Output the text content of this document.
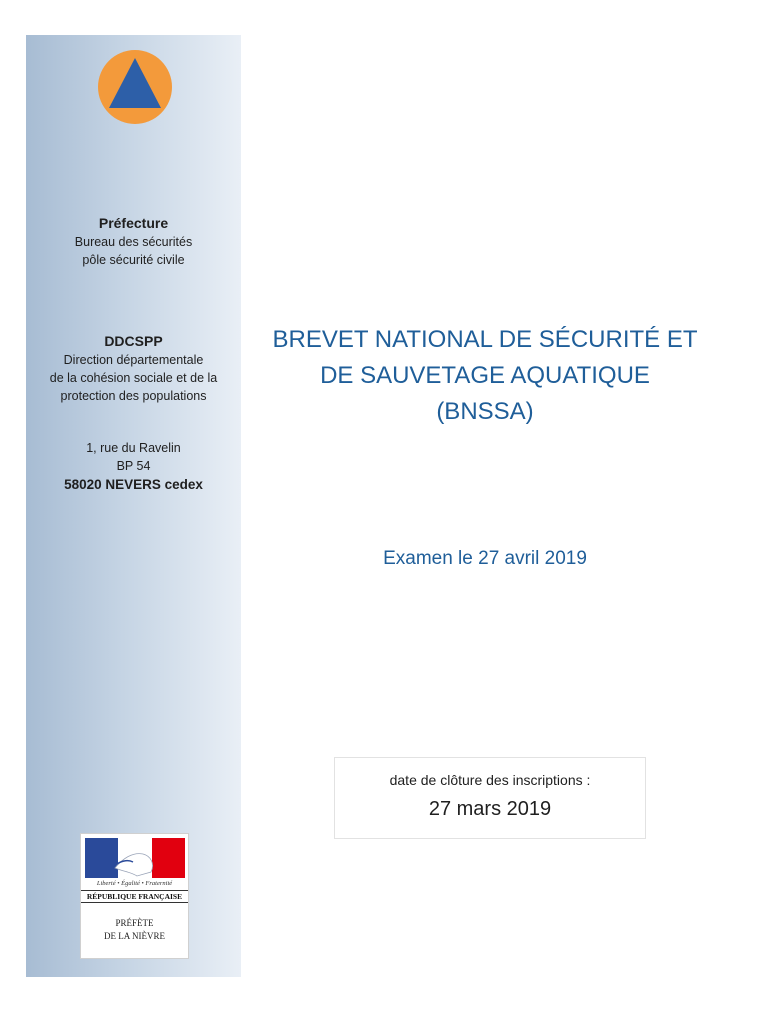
Préfecture
Bureau des sécurités
pôle sécurité civile
DDCSPP
Direction départementale
de la cohésion sociale et de la
protection des populations
1, rue du Ravelin
BP 54
58020 NEVERS cedex
Liberté • Égalité • Fraternité
RÉPUBLIQUE FRANÇAISE
PRÉFÈTE
DE LA NIÈVRE
BREVET NATIONAL DE SÉCURITÉ ET
DE SAUVETAGE AQUATIQUE
(BNSSA)
Examen le 27 avril 2019
date de clôture des inscriptions :
27 mars 2019
